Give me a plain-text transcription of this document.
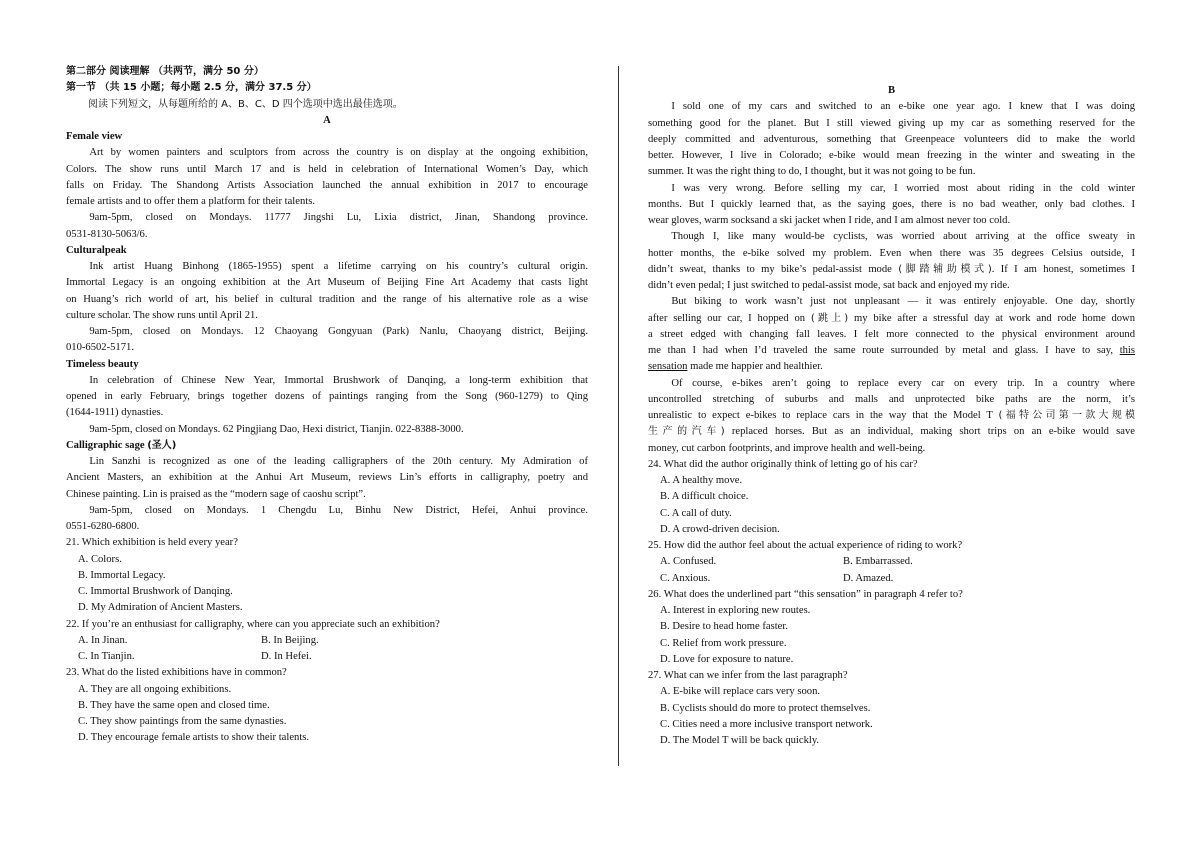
第二部分 阅读理解 （共两节，满分 50 分）

第一节 （共 15 小题；每小题 2.5 分，满分 37.5 分）

阅读下列短文，从每题所给的 A、B、C、D 四个选项中选出最佳选项。

A

Female view

Art by women painters and sculptors from across the country is on display at the ongoing exhibition,

Colors. The show runs until March 17 and is held in celebration of International Women’s Day, which

falls on Friday. The Shandong Artists Association launched the annual exhibition in 2017 to encourage

female artists and to offer them a platform for their talents.

9am-5pm, closed on Mondays. 11777 Jingshi Lu, Lixia district, Jinan, Shandong province.

0531-8130-5063/6.

Culturalpeak

Ink artist Huang Binhong (1865-1955) spent a lifetime carrying on his country’s cultural origin.

Immortal Legacy is an ongoing exhibition at the Art Museum of Beijing Fine Art Academy that casts light

on Huang’s rich world of art, his belief in cultural tradition and the range of his alternative role as a wise

culture scholar. The show runs until April 21.

9am-5pm, closed on Mondays. 12 Chaoyang Gongyuan (Park) Nanlu, Chaoyang district, Beijing.

010-6502-5171.

Timeless beauty

In celebration of Chinese New Year, Immortal Brushwork of Danqing, a long-term exhibition that

opened in early February, brings together dozens of paintings ranging from the Song (960-1279) to Qing

(1644-1911) dynasties.

9am-5pm, closed on Mondays. 62 Pingjiang Dao, Hexi district, Tianjin. 022-8388-3000.

Calligraphic sage (圣人)

Lin Sanzhi is recognized as one of the leading calligraphers of the 20th century. My Admiration of

Ancient Masters, an exhibition at the Anhui Art Museum, reviews Lin’s efforts in calligraphy, poetry and

Chinese painting. Lin is praised as the “modern sage of caoshu script”.

9am-5pm, closed on Mondays. 1 Chengdu Lu, Binhu New District, Hefei, Anhui province.

0551-6280-6800.

21. Which exhibition is held every year?

A. Colors.

B. Immortal Legacy.

C. Immortal Brushwork of Danqing.

D. My Admiration of Ancient Masters.

22. If you’re an enthusiast for calligraphy, where can you appreciate such an exhibition?

A. In Jinan.	B. In Beijing.
C. In Tianjin.	D. In Hefei.

23. What do the listed exhibitions have in common?

A. They are all ongoing exhibitions.

B. They have the same open and closed time.

C. They show paintings from the same dynasties.

D. They encourage female artists to show their talents.

B

I sold one of my cars and switched to an e-bike one year ago. I knew that I was doing

something good for the planet. But I still viewed giving up my car as something reserved for the

deeply committed and adventurous, something that Greenpeace volunteers did to make the world

better. However, I live in Colorado; e-bike would mean freezing in the winter and sweating in the

summer. It was the right thing to do, I thought, but it was not going to be fun.

I was very wrong. Before selling my car, I worried most about riding in the cold winter

months. But I quickly learned that, as the saying goes, there is no bad weather, only bad clothes. I

wear gloves, warm socksand a ski jacket when I ride, and I am almost never too cold.

Though I, like many would-be cyclists, was worried about arriving at the office sweaty in

hotter months, the e-bike solved my problem. Even when there was 35 degrees Celsius outside, I

didn’t sweat, thanks to my bike’s pedal-assist mode (脚踏辅助模式). If I am honest, sometimes I

didn’t even pedal; I just switched to pedal-assist mode, sat back and enjoyed my ride.

But biking to work wasn’t just not unpleasant — it was entirely enjoyable. One day, shortly

after selling our car, I hopped on (跳上) my bike after a stressful day at work and rode home down

a street edged with changing fall leaves. I felt more connected to the physical environment around

me than I had when I’d traveled the same route surrounded by metal and glass. I have to say, this

sensation made me happier and healthier.

Of course, e-bikes aren’t going to replace every car on every trip. In a country where

uncontrolled stretching of suburbs and malls and unprotected bike paths are the norm, it’s

unrealistic to expect e-bikes to replace cars in the way that the Model T (福特公司第一款大规模

生产的汽车) replaced horses. But as an individual, making short trips on an e-bike would save

money, cut carbon footprints, and improve health and well-being.

24. What did the author originally think of letting go of his car?

A. A healthy move.

B. A difficult choice.

C. A call of duty.

D. A crowd-driven decision.

25. How did the author feel about the actual experience of riding to work?

A. Confused.	B. Embarrassed.
C. Anxious.	D. Amazed.

26. What does the underlined part “this sensation” in paragraph 4 refer to?

A. Interest in exploring new routes.

B. Desire to head home faster.

C. Relief from work pressure.

D. Love for exposure to nature.

27. What can we infer from the last paragraph?

A. E-bike will replace cars very soon.

B. Cyclists should do more to protect themselves.

C. Cities need a more inclusive transport network.

D. The Model T will be back quickly.
